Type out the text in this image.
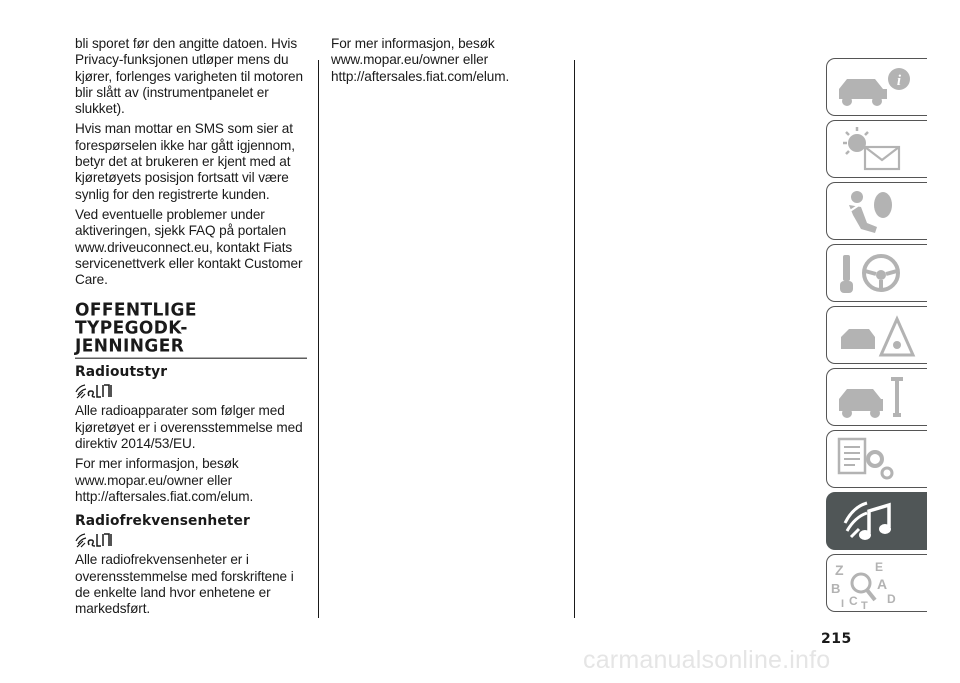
bli sporet før den angitte datoen. Hvis Privacy-funksjonen utløper mens du kjører, forlenges varigheten til motoren blir slått av (instrumentpanelet er slukket).

Hvis man mottar en SMS som sier at forespørselen ikke har gått igjennom, betyr det at brukeren er kjent med at kjøretøyets posisjon fortsatt vil være synlig for den registrerte kunden.

Ved eventuelle problemer under aktiveringen, sjekk FAQ på portalen www.driveuconnect.eu, kontakt Fiats servicenettverk eller kontakt Customer Care.

OFFENTLIGE
TYPEGODK-
JENNINGER
Radioutstyr

Alle radioapparater som følger med kjøretøyet er i overensstemmelse med direktiv 2014/53/EU.

For mer informasjon, besøk www.mopar.eu/owner eller http://aftersales.fiat.com/elum.

Radiofrekvensenheter

Alle radiofrekvensenheter er i overensstemmelse med forskriftene i de enkelte land hvor enhetene er markedsført.

For mer informasjon, besøk www.mopar.eu/owner eller http://aftersales.fiat.com/elum.	i
Z	E
B	A
C D
I T
215
carmanualsonline.info
